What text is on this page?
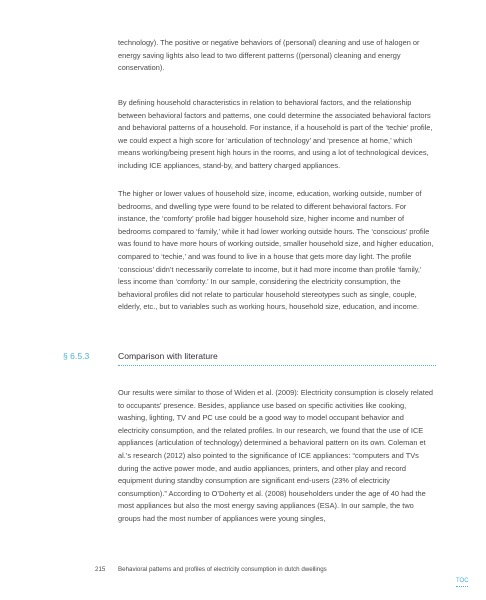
technology). The positive or negative behaviors of (personal) cleaning and use of halogen or energy saving lights also lead to two different patterns ((personal) cleaning and energy conservation).

By defining household characteristics in relation to behavioral factors, and the relationship between behavioral factors and patterns, one could determine the associated behavioral factors and behavioral patterns of a household. For instance, if a household is part of the ‘techie’ profile, we could expect a high score for ‘articulation of technology’ and ‘presence at home,’ which means working/being present high hours in the rooms, and using a lot of technological devices, including ICE appliances, stand-by, and battery charged appliances.

The higher or lower values of household size, income, education, working outside, number of bedrooms, and dwelling type were found to be related to different behavioral factors. For instance, the ‘comforty’ profile had bigger household size, higher income and number of bedrooms compared to ‘family,’ while it had lower working outside hours. The ‘conscious’ profile was found to have more hours of working outside, smaller household size, and higher education, compared to ‘techie,’ and was found to live in a house that gets more day light. The profile ‘conscious’ didn’t necessarily correlate to income, but it had more income than profile ‘family,’ less income than ‘comforty.’ In our sample, considering the electricity consumption, the behavioral profiles did not relate to particular household stereotypes such as single, couple, elderly, etc., but to variables such as working hours, household size, education, and income.

§ 6.5.3	Comparison with literature

Our results were similar to those of Widen et al. (2009): Electricity consumption is closely related to occupants’ presence. Besides, appliance use based on specific activities like cooking, washing, lighting, TV and PC use could be a good way to model occupant behavior and electricity consumption, and the related profiles. In our research, we found that the use of ICE appliances (articulation of technology) determined a behavioral pattern on its own. Coleman et al.’s research (2012) also pointed to the significance of ICE appliances: “computers and TVs during the active power mode, and audio appliances, printers, and other play and record equipment during standby consumption are significant end-users (23% of electricity consumption).” According to O’Doherty et al. (2008) householders under the age of 40 had the most appliances but also the most energy saving appliances (ESA). In our sample, the two groups had the most number of appliances were young singles,

215 Behavioral patterns and profiles of electricity consumption in dutch dwellings
TOC
